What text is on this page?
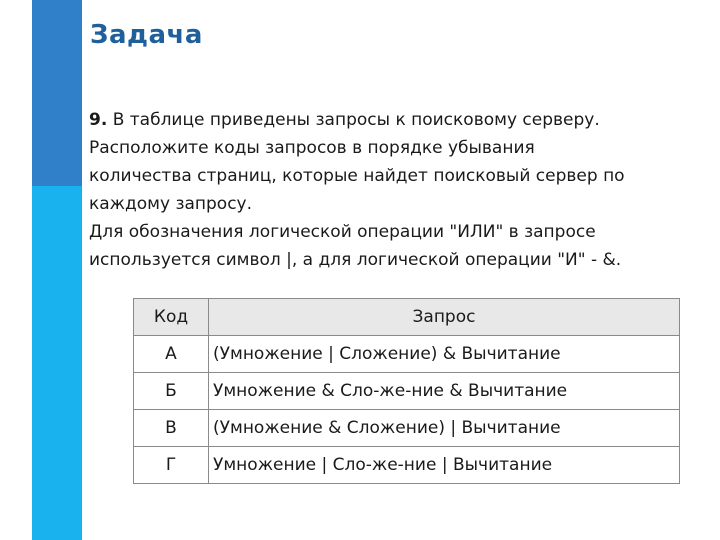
Задача
9. В таблице приведены запросы к поисковому серверу.
Расположите коды запросов в порядке убывания
количества страниц, которые найдет поисковый сервер по
каждому запросу.
Для обозначения логической операции "ИЛИ" в запросе
используется символ |, а для логической операции "И" - &.
Код	Запрос
А	(Умножение | Сложение) & Вычитание
Б	Умножение & Сло-же-ние & Вычитание
В	(Умножение & Сложение) | Вычитание
Г	Умножение | Сло-же-ние | Вычитание
